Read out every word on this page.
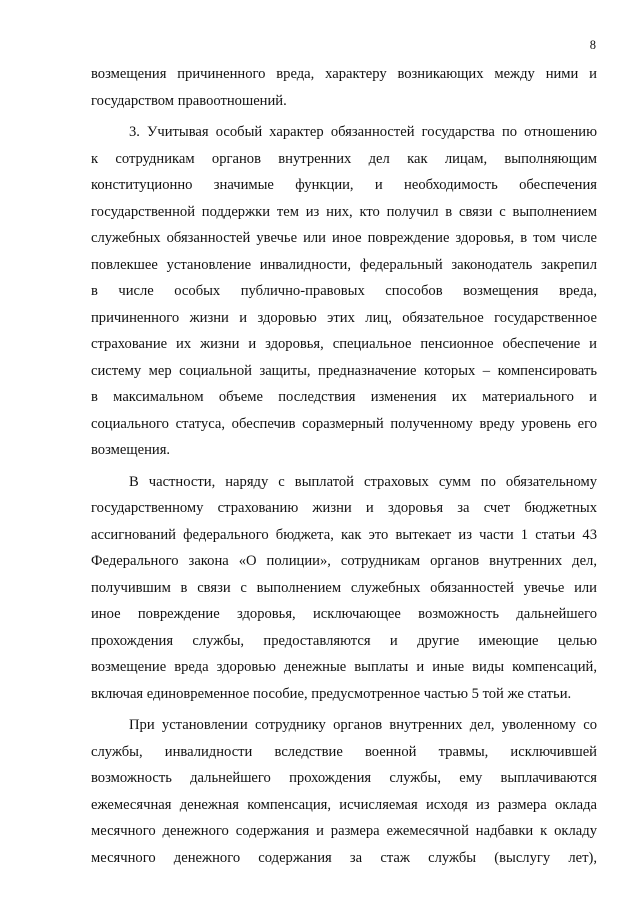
8
возмещения причиненного вреда, характеру возникающих между ними и
государством правоотношений.
3. Учитывая особый характер обязанностей государства по отношению
к сотрудникам органов внутренних дел как лицам, выполняющим
конституционно значимые функции, и необходимость обеспечения
государственной поддержки тем из них, кто получил в связи с выполнением
служебных обязанностей увечье или иное повреждение здоровья, в том числе
повлекшее установление инвалидности, федеральный законодатель закрепил
в числе особых публично-правовых способов возмещения вреда,
причиненного жизни и здоровью этих лиц, обязательное государственное
страхование их жизни и здоровья, специальное пенсионное обеспечение и
систему мер социальной защиты, предназначение которых – компенсировать
в максимальном объеме последствия изменения их материального и
социального статуса, обеспечив соразмерный полученному вреду уровень его
возмещения.
В частности, наряду с выплатой страховых сумм по обязательному
государственному страхованию жизни и здоровья за счет бюджетных
ассигнований федерального бюджета, как это вытекает из части 1 статьи 43
Федерального закона «О полиции», сотрудникам органов внутренних дел,
получившим в связи с выполнением служебных обязанностей увечье или
иное повреждение здоровья, исключающее возможность дальнейшего
прохождения службы, предоставляются и другие имеющие целью
возмещение вреда здоровью денежные выплаты и иные виды компенсаций,
включая единовременное пособие, предусмотренное частью 5 той же статьи.
При установлении сотруднику органов внутренних дел, уволенному со
службы, инвалидности вследствие военной травмы, исключившей
возможность дальнейшего прохождения службы, ему выплачиваются
ежемесячная денежная компенсация, исчисляемая исходя из размера оклада
месячного денежного содержания и размера ежемесячной надбавки к окладу
месячного денежного содержания за стаж службы (выслугу лет),
